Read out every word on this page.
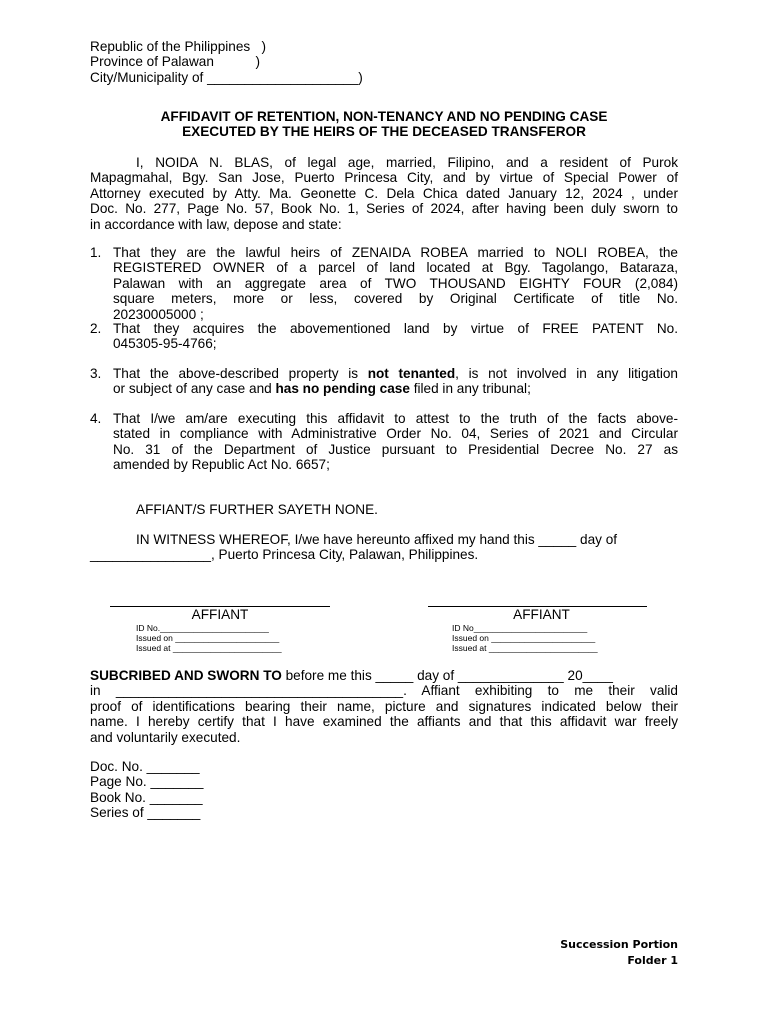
Republic of the Philippines   )
Province of Palawan           )
City/Municipality of ____________________)
AFFIDAVIT OF RETENTION, NON-TENANCY AND NO PENDING CASE
EXECUTED BY THE HEIRS OF THE DECEASED TRANSFEROR
I, NOIDA N. BLAS, of legal age, married, Filipino, and a resident of Purok
Mapagmahal, Bgy. San Jose, Puerto Princesa City, and by virtue of Special Power of
Attorney executed by Atty. Ma. Geonette C. Dela Chica dated January 12, 2024 , under
Doc. No. 277, Page No. 57, Book No. 1, Series of 2024, after having been duly sworn to
in accordance with law, depose and state:
1. That they are the lawful heirs of ZENAIDA ROBEA married to NOLI ROBEA, the
REGISTERED OWNER of a parcel of land located at Bgy. Tagolango, Bataraza,
Palawan with an aggregate area of TWO THOUSAND EIGHTY FOUR (2,084)
square meters, more or less, covered by Original Certificate of title No.
20230005000 ;
2. That they acquires the abovementioned land by virtue of FREE PATENT No.
045305-95-4766;
3. That the above-described property is not tenanted, is not involved in any litigation
or subject of any case and has no pending case filed in any tribunal;
4. That I/we am/are executing this affidavit to attest to the truth of the facts above-
stated in compliance with Administrative Order No. 04, Series of 2021 and Circular
No. 31 of the Department of Justice pursuant to Presidential Decree No. 27 as
amended by Republic Act No. 6657;
AFFIANT/S FURTHER SAYETH NONE.
IN WITNESS WHEREOF, I/we have hereunto affixed my hand this _____ day of
________________, Puerto Princesa City, Palawan, Philippines.
AFFIANT
ID No._______________________
Issued on ______________________
Issued at _______________________
AFFIANT
ID No________________________
Issued on ______________________
Issued at _______________________
SUBCRIBED AND SWORN TO before me this _____ day of ______________ 20____
in ______________________________________. Affiant exhibiting to me their valid
proof of identifications bearing their name, picture and signatures indicated below their
name. I hereby certify that I have examined the affiants and that this affidavit war freely
and voluntarily executed.
Doc. No. _______
Page No. _______
Book No. _______
Series of _______
Succession Portion
Folder 1
